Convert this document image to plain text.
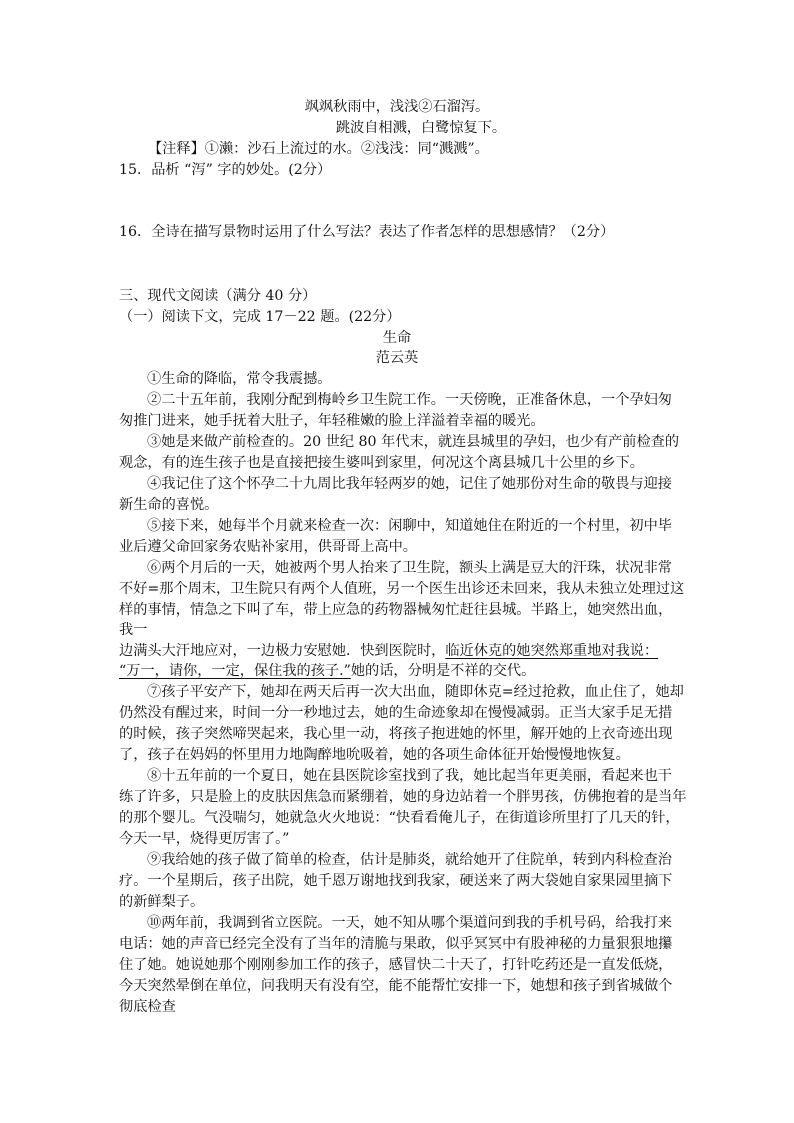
飒飒秋雨中，浅浅②石溜泻。
跳波自相溅，白鹭惊复下。
【注释】①濑：沙石上流过的水。②浅浅：同“溅溅”。
15．品析 “泻” 字的妙处。(2分）
16．全诗在描写景物时运用了什么写法？表达了作者怎样的思想感情？（2分）
三、现代文阅读（满分 40 分）
（一）阅读下文，完成 17－22 题。(22分）
生命
范云英
①生命的降临，常令我震撼。
②二十五年前，我刚分配到梅岭乡卫生院工作。一天傍晚，正准备休息，一个孕妇匆
匆推门进来，她手抚着大肚子，年轻稚嫩的脸上洋溢着幸福的暖光。
③她是来做产前检查的。20 世纪 80 年代末，就连县城里的孕妇，也少有产前检查的
观念，有的连生孩子也是直接把接生婆叫到家里，何况这个离县城几十公里的乡下。
④我记住了这个怀孕二十九周比我年轻两岁的她，记住了她那份对生命的敬畏与迎接
新生命的喜悦。
⑤接下来，她每半个月就来检查一次：闲聊中，知道她住在附近的一个村里，初中毕
业后遵父命回家务农贴补家用，供哥哥上高中。
⑥两个月后的一天，她被两个男人抬来了卫生院，额头上满是豆大的汗珠，状况非常
不好=那个周末，卫生院只有两个人值班，另一个医生出诊还未回来，我从未独立处理过这
样的事情，情急之下叫了车，带上应急的药物器械匆忙赶往县城。半路上，她突然出血，
我一
边满头大汗地应对，一边极力安慰她．快到医院时，临近休克的她突然郑重地对我说：
“万一，请你，一定，保住我的孩子.”她的话，分明是不祥的交代。
⑦孩子平安产下，她却在两天后再一次大出血，随即休克=经过抢救，血止住了，她却
仍然没有醒过来，时间一分一秒地过去，她的生命迹象却在慢慢减弱。正当大家手足无措
的时候，孩子突然啼哭起来，我心里一动，将孩子抱进她的怀里，解开她的上衣奇迹出现
了，孩子在妈妈的怀里用力地陶醉地吮吸着，她的各项生命体征开始慢慢地恢复。
⑧十五年前的一个夏日，她在县医院诊室找到了我，她比起当年更美丽，看起来也干
练了许多，只是脸上的皮肤因焦急而紧绷着，她的身边站着一个胖男孩，仿佛抱着的是当年
的那个婴儿。气没喘匀，她就急火火地说：“快看看俺儿子，在街道诊所里打了几天的针，
今天一早，烧得更厉害了。”
⑨我给她的孩子做了简单的检查，估计是肺炎，就给她开了住院单，转到内科检查治
疗。一个星期后，孩子出院，她千恩万谢地找到我家，硬送来了两大袋她自家果园里摘下
的新鲜梨子。
⑩两年前，我调到省立医院。一天，她不知从哪个渠道问到我的手机号码，给我打来
电话：她的声音已经完全没有了当年的清脆与果敢，似乎冥冥中有股神秘的力量狠狠地攥
住了她。她说她那个刚刚参加工作的孩子，感冒快二十天了，打针吃药还是一直发低烧，
今天突然晕倒在单位，问我明天有没有空，能不能帮忙安排一下，她想和孩子到省城做个
彻底检查
